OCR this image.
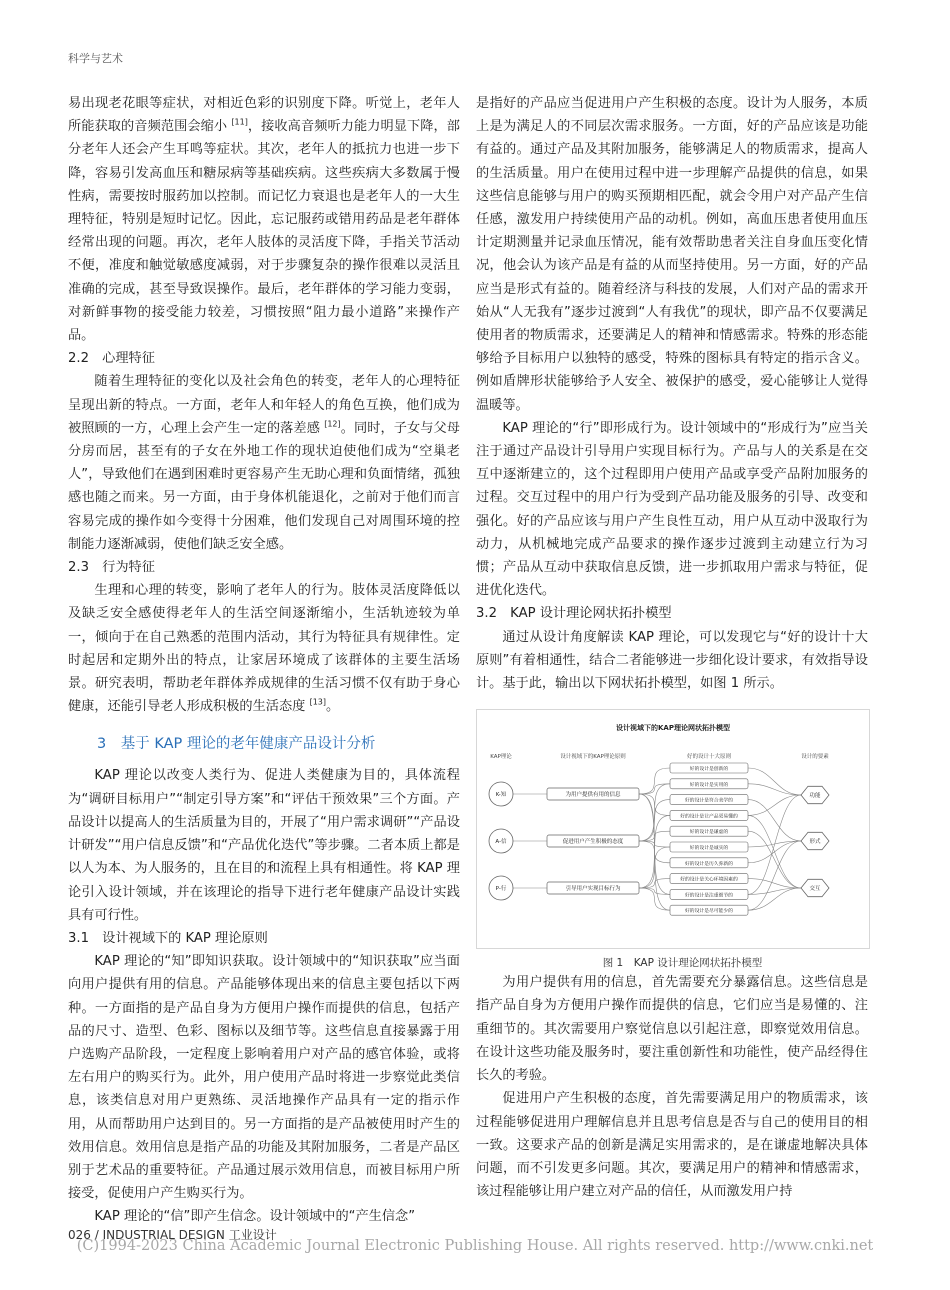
科学与艺术

易出现老花眼等症状，对相近色彩的识别度下降。听觉上，老年人所能获取的音频范围会缩小 [11]，接收高音频听力能力明显下降，部分老年人还会产生耳鸣等症状。其次，老年人的抵抗力也进一步下降，容易引发高血压和糖尿病等基础疾病。这些疾病大多数属于慢性病，需要按时服药加以控制。而记忆力衰退也是老年人的一大生理特征，特别是短时记忆。因此，忘记服药或错用药品是老年群体经常出现的问题。再次，老年人肢体的灵活度下降，手指关节活动不便，准度和触觉敏感度减弱，对于步骤复杂的操作很难以灵活且准确的完成，甚至导致误操作。最后，老年群体的学习能力变弱，对新鲜事物的接受能力较差，习惯按照“阻力最小道路”来操作产品。

2.2　心理特征

随着生理特征的变化以及社会角色的转变，老年人的心理特征呈现出新的特点。一方面，老年人和年轻人的角色互换，他们成为被照顾的一方，心理上会产生一定的落差感 [12]。同时，子女与父母分房而居，甚至有的子女在外地工作的现状迫使他们成为“空巢老人”，导致他们在遇到困难时更容易产生无助心理和负面情绪，孤独感也随之而来。另一方面，由于身体机能退化，之前对于他们而言容易完成的操作如今变得十分困难，他们发现自己对周围环境的控制能力逐渐减弱，使他们缺乏安全感。

2.3　行为特征

生理和心理的转变，影响了老年人的行为。肢体灵活度降低以及缺乏安全感使得老年人的生活空间逐渐缩小，生活轨迹较为单一，倾向于在自己熟悉的范围内活动，其行为特征具有规律性。定时起居和定期外出的特点，让家居环境成了该群体的主要生活场景。研究表明，帮助老年群体养成规律的生活习惯不仅有助于身心健康，还能引导老人形成积极的生活态度 [13]。

3　基于 KAP 理论的老年健康产品设计分析

KAP 理论以改变人类行为、促进人类健康为目的，具体流程为“调研目标用户”“制定引导方案”和“评估干预效果”三个方面。产品设计以提高人的生活质量为目的，开展了“用户需求调研”“产品设计研发”“用户信息反馈”和“产品优化迭代”等步骤。二者本质上都是以人为本、为人服务的，且在目的和流程上具有相通性。将 KAP 理论引入设计领域，并在该理论的指导下进行老年健康产品设计实践具有可行性。

3.1　设计视域下的 KAP 理论原则

KAP 理论的“知”即知识获取。设计领域中的“知识获取”应当面向用户提供有用的信息。产品能够体现出来的信息主要包括以下两种。一方面指的是产品自身为方便用户操作而提供的信息，包括产品的尺寸、造型、色彩、图标以及细节等。这些信息直接暴露于用户选购产品阶段，一定程度上影响着用户对产品的感官体验，或将左右用户的购买行为。此外，用户使用产品时将进一步察觉此类信息，该类信息对用户更熟练、灵活地操作产品具有一定的指示作用，从而帮助用户达到目的。另一方面指的是产品被使用时产生的效用信息。效用信息是指产品的功能及其附加服务，二者是产品区别于艺术品的重要特征。产品通过展示效用信息，而被目标用户所接受，促使用户产生购买行为。

KAP 理论的“信”即产生信念。设计领域中的“产生信念”

是指好的产品应当促进用户产生积极的态度。设计为人服务，本质上是为满足人的不同层次需求服务。一方面，好的产品应该是功能有益的。通过产品及其附加服务，能够满足人的物质需求，提高人的生活质量。用户在使用过程中进一步理解产品提供的信息，如果这些信息能够与用户的购买预期相匹配，就会令用户对产品产生信任感，激发用户持续使用产品的动机。例如，高血压患者使用血压计定期测量并记录血压情况，能有效帮助患者关注自身血压变化情况，他会认为该产品是有益的从而坚持使用。另一方面，好的产品应当是形式有益的。随着经济与科技的发展，人们对产品的需求开始从“人无我有”逐步过渡到“人有我优”的现状，即产品不仅要满足使用者的物质需求，还要满足人的精神和情感需求。特殊的形态能够给予目标用户以独特的感受，特殊的图标具有特定的指示含义。例如盾牌形状能够给予人安全、被保护的感受，爱心能够让人觉得温暖等。

KAP 理论的“行”即形成行为。设计领域中的“形成行为”应当关注于通过产品设计引导用户实现目标行为。产品与人的关系是在交互中逐渐建立的，这个过程即用户使用产品或享受产品附加服务的过程。交互过程中的用户行为受到产品功能及服务的引导、改变和强化。好的产品应该与用户产生良性互动，用户从互动中汲取行为动力，从机械地完成产品要求的操作逐步过渡到主动建立行为习惯；产品从互动中获取信息反馈，进一步抓取用户需求与特征，促进优化迭代。

3.2　KAP 设计理论网状拓扑模型

通过从设计角度解读 KAP 理论，可以发现它与“好的设计十大原则”有着相通性，结合二者能够进一步细化设计要求，有效指导设计。基于此，输出以下网状拓扑模型，如图 1 所示。

设计视域下的KAP理论网状拓扑模型
KAP理论	设计视域下的KAP理论原则	好的设计十大原则	设计的要素
K-知
A-信
P-行
为用户提供有用的信息
促进用户产生积极的态度
引导用户实现目标行为
好的设计是创新的
好的设计是实用的
好的设计是符合美学的
好的设计是让产品更易懂的
好的设计是谦虚的
好的设计是诚实的
好的设计是历久弥新的
好的设计是关心环境因素的
好的设计是注重细节的
好的设计是尽可能少的
功能
形式
交互

图 1　KAP 设计理论网状拓扑模型

为用户提供有用的信息，首先需要充分暴露信息。这些信息是指产品自身为方便用户操作而提供的信息，它们应当是易懂的、注重细节的。其次需要用户察觉信息以引起注意，即察觉效用信息。在设计这些功能及服务时，要注重创新性和功能性，使产品经得住长久的考验。

促进用户产生积极的态度，首先需要满足用户的物质需求，该过程能够促进用户理解信息并且思考信息是否与自己的使用目的相一致。这要求产品的创新是满足实用需求的，是在谦虚地解决具体问题，而不引发更多问题。其次，要满足用户的精神和情感需求，该过程能够让用户建立对产品的信任，从而激发用户持

026 / INDUSTRIAL DESIGN 工业设计
(C)1994-2023 China Academic Journal Electronic Publishing House. All rights reserved. http://www.cnki.net
